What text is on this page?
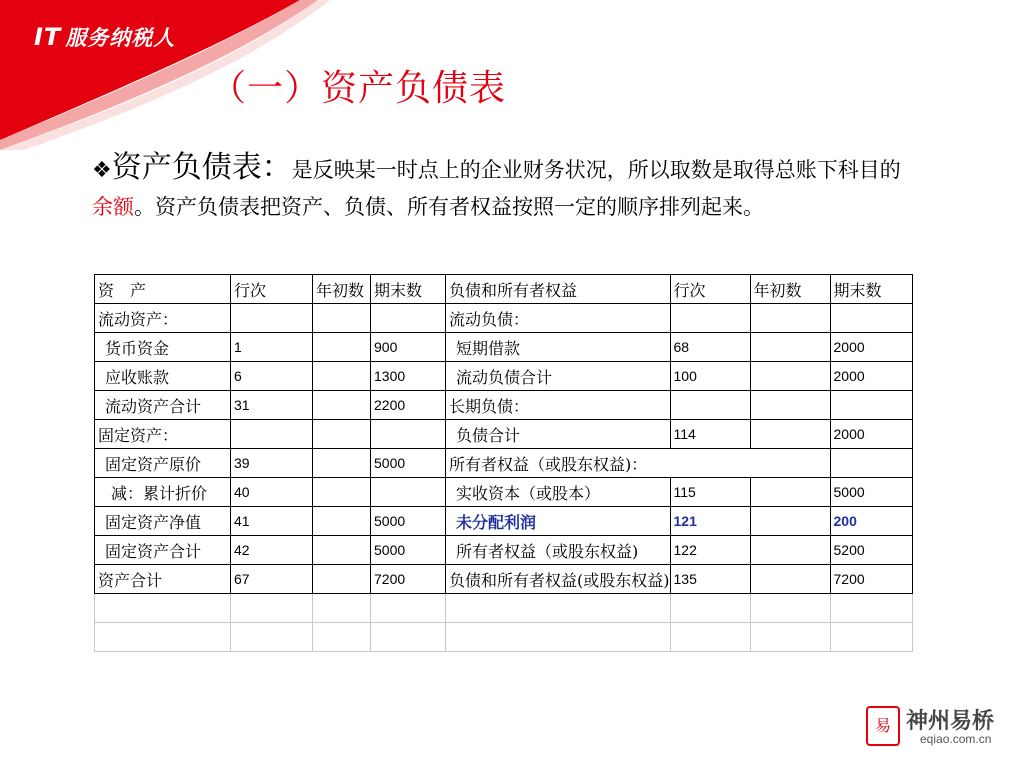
IT 服务纳税人
（一）资产负债表
❖资产负债表：是反映某一时点上的企业财务状况，所以取数是取得总账下科目的余额。资产负债表把资产、负债、所有者权益按照一定的顺序排列起来。
资　产	行次	年初数	期末数	负债和所有者权益	行次	年初数	期末数
流动资产：				流动负债：			
货币资金	1		900	短期借款	68		2000
应收账款	6		1300	流动负债合计	100		2000
流动资产合计	31		2200	长期负债：			
固定资产：				负债合计	114		2000
固定资产原价	39		5000	所有者权益（或股东权益)：			
减：累计折价	40			实收资本（或股本）	115		5000
固定资产净值	41		5000	未分配利润	121		200
固定资产合计	42		5000	所有者权益（或股东权益)	122		5200
资产合计	67		7200	负债和所有者权益(或股东权益)	135		7200

易 神州易桥
eqiao.com.cn
